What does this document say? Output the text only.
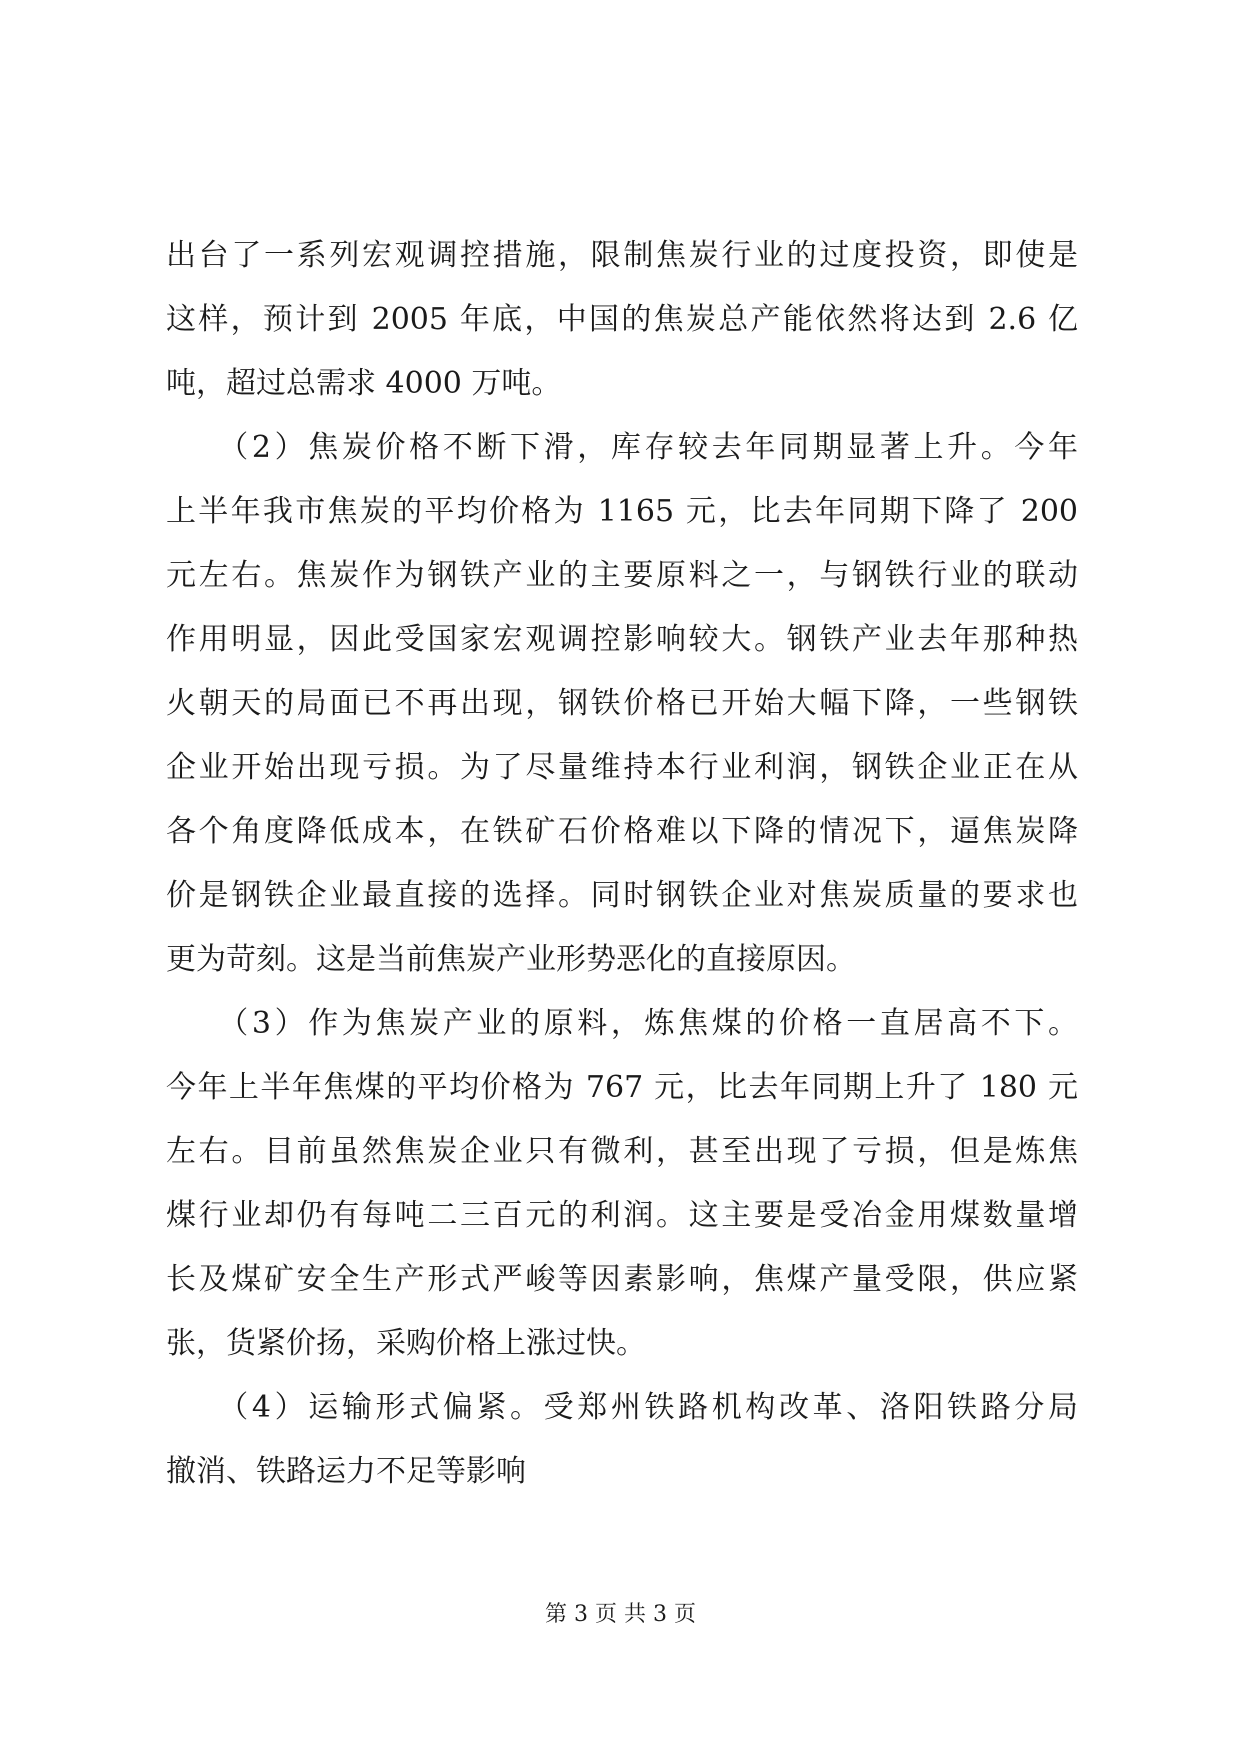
出台了一系列宏观调控措施，限制焦炭行业的过度投资，即使是
这样，预计到 2005 年底，中国的焦炭总产能依然将达到 2.6 亿
吨，超过总需求 4000 万吨。
　　（2）焦炭价格不断下滑，库存较去年同期显著上升。今年
上半年我市焦炭的平均价格为 1165 元，比去年同期下降了 200
元左右。焦炭作为钢铁产业的主要原料之一，与钢铁行业的联动
作用明显，因此受国家宏观调控影响较大。钢铁产业去年那种热
火朝天的局面已不再出现，钢铁价格已开始大幅下降，一些钢铁
企业开始出现亏损。为了尽量维持本行业利润，钢铁企业正在从
各个角度降低成本，在铁矿石价格难以下降的情况下，逼焦炭降
价是钢铁企业最直接的选择。同时钢铁企业对焦炭质量的要求也
更为苛刻。这是当前焦炭产业形势恶化的直接原因。
　　（3）作为焦炭产业的原料，炼焦煤的价格一直居高不下。
今年上半年焦煤的平均价格为 767 元，比去年同期上升了 180 元
左右。目前虽然焦炭企业只有微利，甚至出现了亏损，但是炼焦
煤行业却仍有每吨二三百元的利润。这主要是受冶金用煤数量增
长及煤矿安全生产形式严峻等因素影响，焦煤产量受限，供应紧
张，货紧价扬，采购价格上涨过快。
　　（4）运输形式偏紧。受郑州铁路机构改革、洛阳铁路分局
撤消、铁路运力不足等影响
第 3 页 共 3 页
